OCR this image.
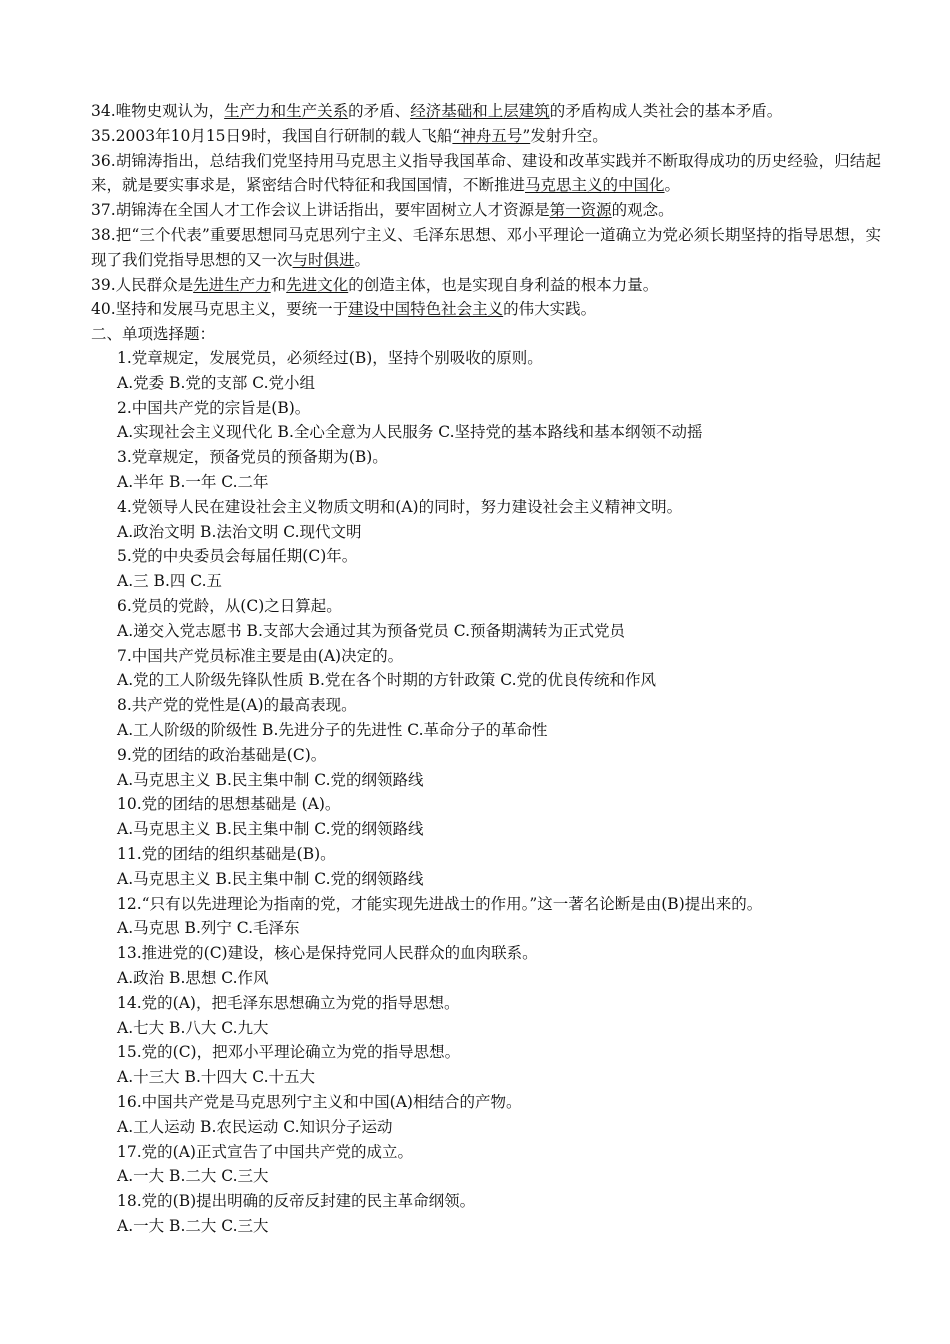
34.唯物史观认为，生产力和生产关系的矛盾、经济基础和上层建筑的矛盾构成人类社会的基本矛盾。

35.2003年10月15日9时，我国自行研制的载人飞船“神舟五号”发射升空。

36.胡锦涛指出，总结我们党坚持用马克思主义指导我国革命、建设和改革实践并不断取得成功的历史经验，归结起来，就是要实事求是，紧密结合时代特征和我国国情，不断推进马克思主义的中国化。

37.胡锦涛在全国人才工作会议上讲话指出，要牢固树立人才资源是第一资源的观念。

38.把“三个代表”重要思想同马克思列宁主义、毛泽东思想、邓小平理论一道确立为党必须长期坚持的指导思想，实现了我们党指导思想的又一次与时俱进。

39.人民群众是先进生产力和先进文化的创造主体，也是实现自身利益的根本力量。

40.坚持和发展马克思主义，要统一于建设中国特色社会主义的伟大实践。

二、单项选择题：
1.党章规定，发展党员，必须经过(B)，坚持个别吸收的原则。
A.党委 B.党的支部 C.党小组
2.中国共产党的宗旨是(B)。
A.实现社会主义现代化 B.全心全意为人民服务 C.坚持党的基本路线和基本纲领不动摇
3.党章规定，预备党员的预备期为(B)。
A.半年 B.一年 C.二年
4.党领导人民在建设社会主义物质文明和(A)的同时，努力建设社会主义精神文明。
A.政治文明 B.法治文明 C.现代文明
5.党的中央委员会每届任期(C)年。
A.三 B.四 C.五
6.党员的党龄，从(C)之日算起。
A.递交入党志愿书 B.支部大会通过其为预备党员 C.预备期满转为正式党员
7.中国共产党员标准主要是由(A)决定的。
A.党的工人阶级先锋队性质 B.党在各个时期的方针政策 C.党的优良传统和作风
8.共产党的党性是(A)的最高表现。
A.工人阶级的阶级性 B.先进分子的先进性 C.革命分子的革命性
9.党的团结的政治基础是(C)。
A.马克思主义 B.民主集中制 C.党的纲领路线
10.党的团结的思想基础是 (A)。
A.马克思主义 B.民主集中制 C.党的纲领路线
11.党的团结的组织基础是(B)。
A.马克思主义 B.民主集中制 C.党的纲领路线
12.“只有以先进理论为指南的党，才能实现先进战士的作用。”这一著名论断是由(B)提出来的。
A.马克思 B.列宁 C.毛泽东
13.推进党的(C)建设，核心是保持党同人民群众的血肉联系。
A.政治 B.思想 C.作风
14.党的(A)，把毛泽东思想确立为党的指导思想。
A.七大 B.八大 C.九大
15.党的(C)，把邓小平理论确立为党的指导思想。
A.十三大 B.十四大 C.十五大
16.中国共产党是马克思列宁主义和中国(A)相结合的产物。
A.工人运动 B.农民运动 C.知识分子运动
17.党的(A)正式宣告了中国共产党的成立。
A.一大 B.二大 C.三大
18.党的(B)提出明确的反帝反封建的民主革命纲领。
A.一大 B.二大 C.三大
